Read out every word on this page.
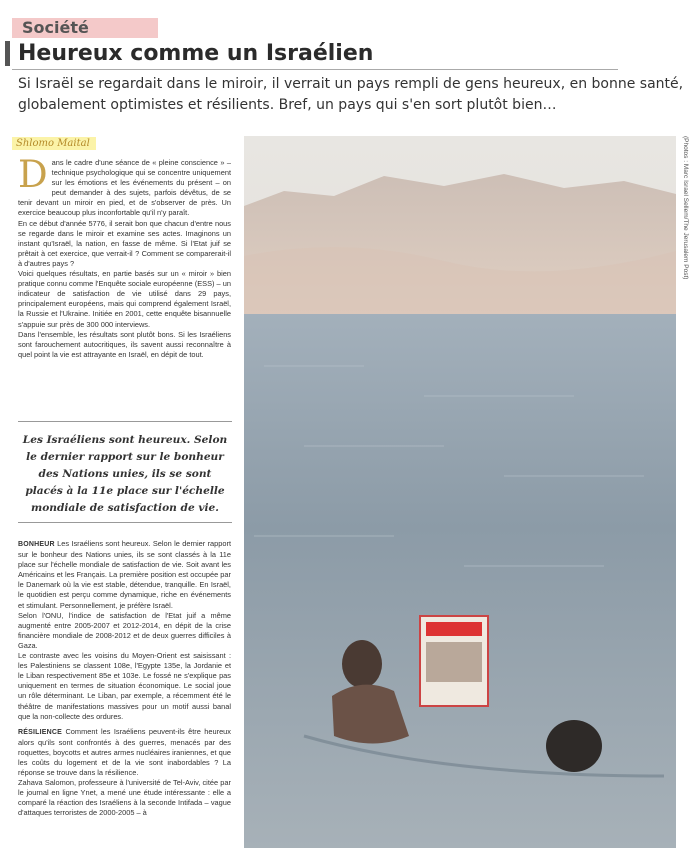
Société
Heureux comme un Israélien
Si Israël se regardait dans le miroir, il verrait un pays rempli de gens heureux, en bonne santé, globalement optimistes et résilients. Bref, un pays qui s'en sort plutôt bien…
Shlomo Maital

Dans le cadre d'une séance de « pleine conscience » – technique psychologique qui se concentre uniquement sur les émotions et les événements du présent – on peut demander à des sujets, parfois dévêtus, de se tenir devant un miroir en pied, et de s'observer de près. Un exercice beaucoup plus inconfortable qu'il n'y paraît.

En ce début d'année 5776, il serait bon que chacun d'entre nous se regarde dans le miroir et examine ses actes. Imaginons un instant qu'Israël, la nation, en fasse de même. Si l'Etat juif se prêtait à cet exercice, que verrait-il ? Comment se comparerait-il à d'autres pays ?

Voici quelques résultats, en partie basés sur un « miroir » bien pratique connu comme l'Enquête sociale européenne (ESS) – un indicateur de satisfaction de vie utilisé dans 29 pays, principalement européens, mais qui comprend également Israël, la Russie et l'Ukraine. Initiée en 2001, cette enquête bisannuelle s'appuie sur près de 300 000 interviews.

Dans l'ensemble, les résultats sont plutôt bons. Si les Israéliens sont farouchement autocritiques, ils savent aussi reconnaître à quel point la vie est attrayante en Israël, en dépit de tout.

Les Israéliens sont heureux. Selon le dernier rapport sur le bonheur des Nations unies, ils se sont placés à la 11e place sur l'échelle mondiale de satisfaction de vie.

BONHEUR Les Israéliens sont heureux. Selon le dernier rapport sur le bonheur des Nations unies, ils se sont classés à la 11e place sur l'échelle mondiale de satisfaction de vie. Soit avant les Américains et les Français. La première position est occupée par le Danemark où la vie est stable, détendue, tranquille. En Israël, le quotidien est perçu comme dynamique, riche en événements et stimulant. Personnellement, je préfère Israël.

Selon l'ONU, l'indice de satisfaction de l'Etat juif a même augmenté entre 2005-2007 et 2012-2014, en dépit de la crise financière mondiale de 2008-2012 et de deux guerres difficiles à Gaza.

Le contraste avec les voisins du Moyen-Orient est saisissant : les Palestiniens se classent 108e, l'Egypte 135e, la Jordanie et le Liban respectivement 85e et 103e. Le fossé ne s'explique pas uniquement en termes de situation économique. Le social joue un rôle déterminant. Le Liban, par exemple, a récemment été le théâtre de manifestations massives pour un motif aussi banal que la non-collecte des ordures.

RÉSILIENCE Comment les Israéliens peuvent-ils être heureux alors qu'ils sont confrontés à des guerres, menacés par des roquettes, boycotts et autres armes nucléaires iraniennes, et que les coûts du logement et de la vie sont inabordables ? La réponse se trouve dans la résilience.

Zahava Salomon, professeure à l'université de Tel-Aviv, citée par le journal en ligne Ynet, a mené une étude intéressante : elle a comparé la réaction des Israéliens à la seconde Intifada – vague d'attaques terroristes de 2000-2005 – à

(Photos : Marc Israel Sellem/The Jerusalem Post)
